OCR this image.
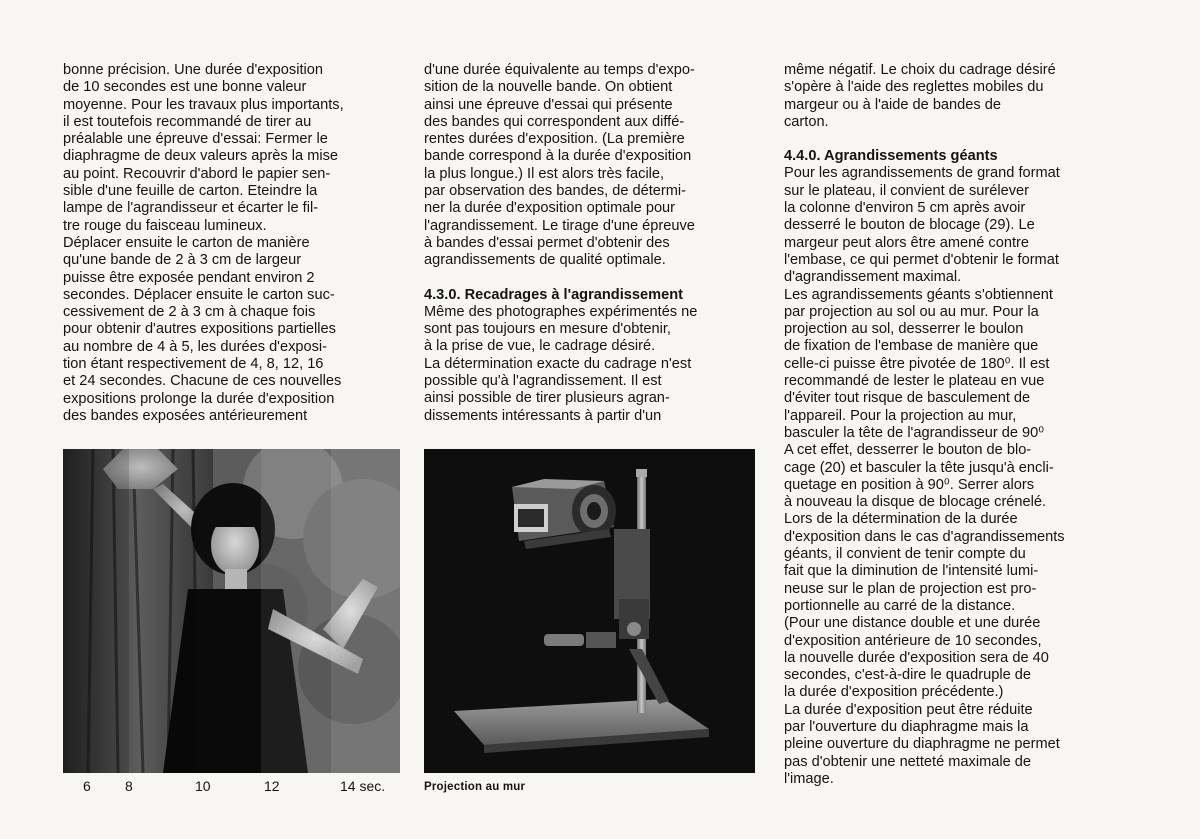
bonne précision. Une durée d'exposition
de 10 secondes est une bonne valeur
moyenne. Pour les travaux plus importants,
il est toutefois recommandé de tirer au
préalable une épreuve d'essai: Fermer le
diaphragme de deux valeurs après la mise
au point. Recouvrir d'abord le papier sen-
sible d'une feuille de carton. Eteindre la
lampe de l'agrandisseur et écarter le fil-
tre rouge du faisceau lumineux.

Déplacer ensuite le carton de manière
qu'une bande de 2 à 3 cm de largeur
puisse être exposée pendant environ 2
secondes. Déplacer ensuite le carton suc-
cessivement de 2 à 3 cm à chaque fois
pour obtenir d'autres expositions partielles
au nombre de 4 à 5, les durées d'exposi-
tion étant respectivement de 4, 8, 12, 16
et 24 secondes. Chacune de ces nouvelles
expositions prolonge la durée d'exposition
des bandes exposées antérieurement

d'une durée équivalente au temps d'expo-
sition de la nouvelle bande. On obtient
ainsi une épreuve d'essai qui présente
des bandes qui correspondent aux diffé-
rentes durées d'exposition. (La première
bande correspond à la durée d'exposition
la plus longue.) Il est alors très facile,
par observation des bandes, de détermi-
ner la durée d'exposition optimale pour
l'agrandissement. Le tirage d'une épreuve
à bandes d'essai permet d'obtenir des
agrandissements de qualité optimale.

4.3.0. Recadrages à l'agrandissement

Même des photographes expérimentés ne
sont pas toujours en mesure d'obtenir,
à la prise de vue, le cadrage désiré.

La détermination exacte du cadrage n'est
possible qu'à l'agrandissement. Il est
ainsi possible de tirer plusieurs agran-
dissements intéressants à partir d'un

même négatif. Le choix du cadrage désiré
s'opère à l'aide des reglettes mobiles du
margeur ou à l'aide de bandes de
carton.

4.4.0. Agrandissements géants

Pour les agrandissements de grand format
sur le plateau, il convient de surélever
la colonne d'environ 5 cm après avoir
desserré le bouton de blocage (29). Le
margeur peut alors être amené contre
l'embase, ce qui permet d'obtenir le format
d'agrandissement maximal.

Les agrandissements géants s'obtiennent
par projection au sol ou au mur. Pour la
projection au sol, desserrer le boulon
de fixation de l'embase de manière que
celle-ci puisse être pivotée de 180⁰. Il est
recommandé de lester le plateau en vue
d'éviter tout risque de basculement de
l'appareil. Pour la projection au mur,
basculer la tête de l'agrandisseur de 90⁰
A cet effet, desserrer le bouton de blo-
cage (20) et basculer la tête jusqu'à encli-
quetage en position à 90⁰. Serrer alors
à nouveau la disque de blocage crénelé.

Lors de la détermination de la durée
d'exposition dans le cas d'agrandissements
géants, il convient de tenir compte du
fait que la diminution de l'intensité lumi-
neuse sur le plan de projection est pro-
portionnelle au carré de la distance.
(Pour une distance double et une durée
d'exposition antérieure de 10 secondes,
la nouvelle durée d'exposition sera de 40
secondes, c'est-à-dire le quadruple de
la durée d'exposition précédente.)

La durée d'exposition peut être réduite
par l'ouverture du diaphragme mais la
pleine ouverture du diaphragme ne permet
pas d'obtenir une netteté maximale de
l'image.

6 8	10	12	14 sec.	Projection au mur
